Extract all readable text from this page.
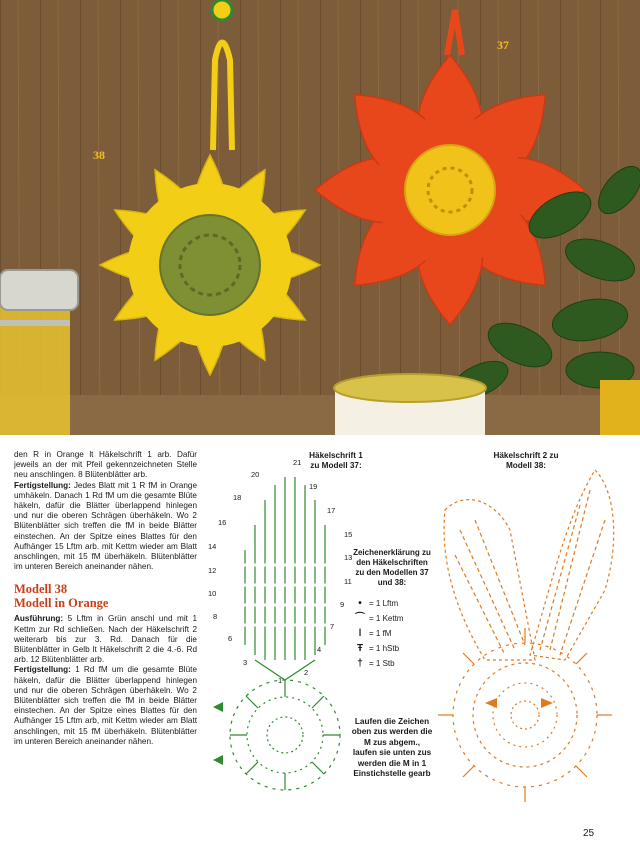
38
37

den R in Orange lt Häkelschrift 1 arb. Dafür jeweils an der mit Pfeil gekennzeichneten Stelle neu anschlingen. 8 Blütenblätter arb.

Fertigstellung: Jedes Blatt mit 1 R fM in Orange umhäkeln. Danach 1 Rd fM um die gesamte Blüte häkeln, dafür die Blätter überlappend hinlegen und nur die oberen Schrägen überhäkeln. Wo 2 Blütenblätter sich treffen die fM in beide Blätter einstechen. An der Spitze eines Blattes für den Aufhänger 15 Lftm arb. mit Kettm wieder am Blatt anschlingen, mit 15 fM überhäkeln. Blütenblätter im unteren Bereich aneinander nähen.

Modell 38
Modell in Orange

Ausführung: 5 Lftm in Grün anschl und mit 1 Kettm zur Rd schließen. Nach der Häkelschrift 2 weiterarb bis zur 3. Rd. Danach für die Blütenblätter in Gelb lt Häkelschrift 2 die 4.-6. Rd arb. 12 Blütenblätter arb.

Fertigstellung: 1 Rd fM um die gesamte Blüte häkeln, dafür die Blätter überlappend hinlegen und nur die oberen Schrägen überhäkeln. Wo 2 Blütenblätter sich treffen die fM in beide Blätter einstechen. An der Spitze eines Blattes für den Aufhänger 15 Lftm arb, mit Kettm wieder am Blatt anschlingen, mit 15 fM überhäkeln. Blütenblätter im unteren Bereich aneinander nähen.

Häkelschrift 1 zu Modell 37:
20
21
18
19
16
17
14
15
12
13
10
11
8
9
6
7
4
3
2
1
Zeichenerklärung zu den Häkelschriften zu den Modellen 37 und 38:
• = 1 Lftm
⌒ = 1 Kettm
ǀ = 1 fM
Ŧ = 1 hStb
† = 1 Stb
Laufen die Zeichen oben zus werden die M zus abgem., laufen sie unten zus werden die M in 1 Einstichstelle gearb
Häkelschrift 2 zu Modell 38:
25
